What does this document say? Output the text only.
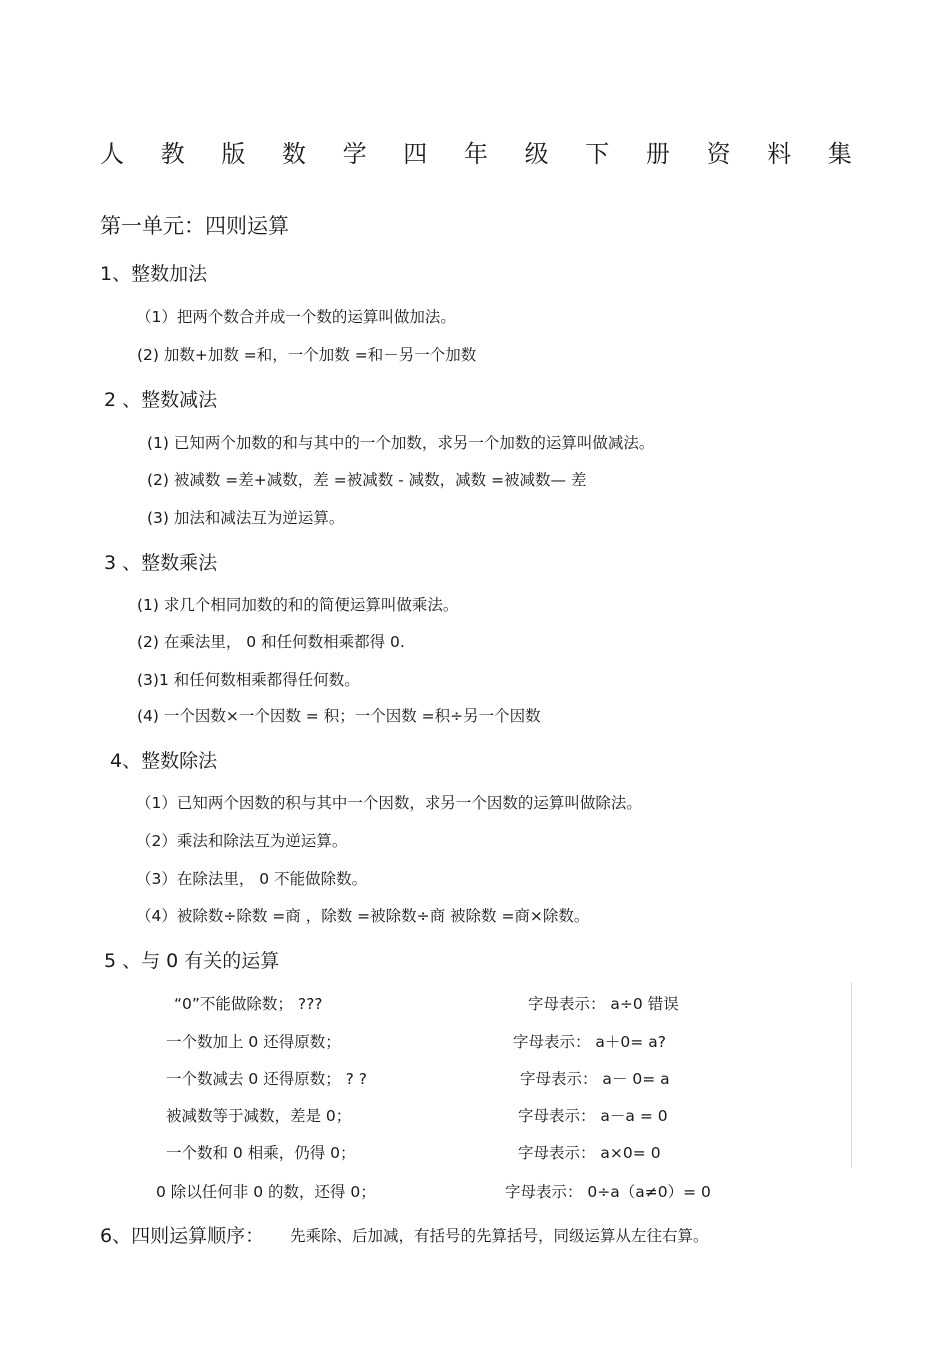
人 教 版 数 学 四 年 级 下 册 资 料 集
第一单元：四则运算
1、整数加法
（1）把两个数合并成一个数的运算叫做加法。
(2) 加数+加数 =和，一个加数 =和－另一个加数
2 、整数减法
(1) 已知两个加数的和与其中的一个加数，求另一个加数的运算叫做减法。
(2) 被减数 =差+减数，差 =被减数 - 减数，减数 =被减数— 差
(3) 加法和减法互为逆运算。
3 、整数乘法
(1) 求几个相同加数的和的简便运算叫做乘法。
(2) 在乘法里， 0 和任何数相乘都得 0.
(3)1 和任何数相乘都得任何数。
(4) 一个因数×一个因数 = 积；一个因数 =积÷另一个因数
4、整数除法
（1）已知两个因数的积与其中一个因数，求另一个因数的运算叫做除法。
（2）乘法和除法互为逆运算。
（3）在除法里， 0 不能做除数。
（4）被除数÷除数 =商 ，除数 =被除数÷商 被除数 =商×除数。
5 、与 0 有关的运算
“0”不能做除数； ???	字母表示： a÷0 错误
一个数加上 0 还得原数；	字母表示： a＋0= a?
一个数减去 0 还得原数； ? ?	字母表示： a－ 0= a
被减数等于减数，差是 0；	字母表示： a－a = 0
一个数和 0 相乘，仍得 0；	字母表示： a×0= 0
0 除以任何非 0 的数，还得 0；	字母表示： 0÷a（a≠0）= 0
6、四则运算顺序： 先乘除、后加减，有括号的先算括号，同级运算从左往右算。
